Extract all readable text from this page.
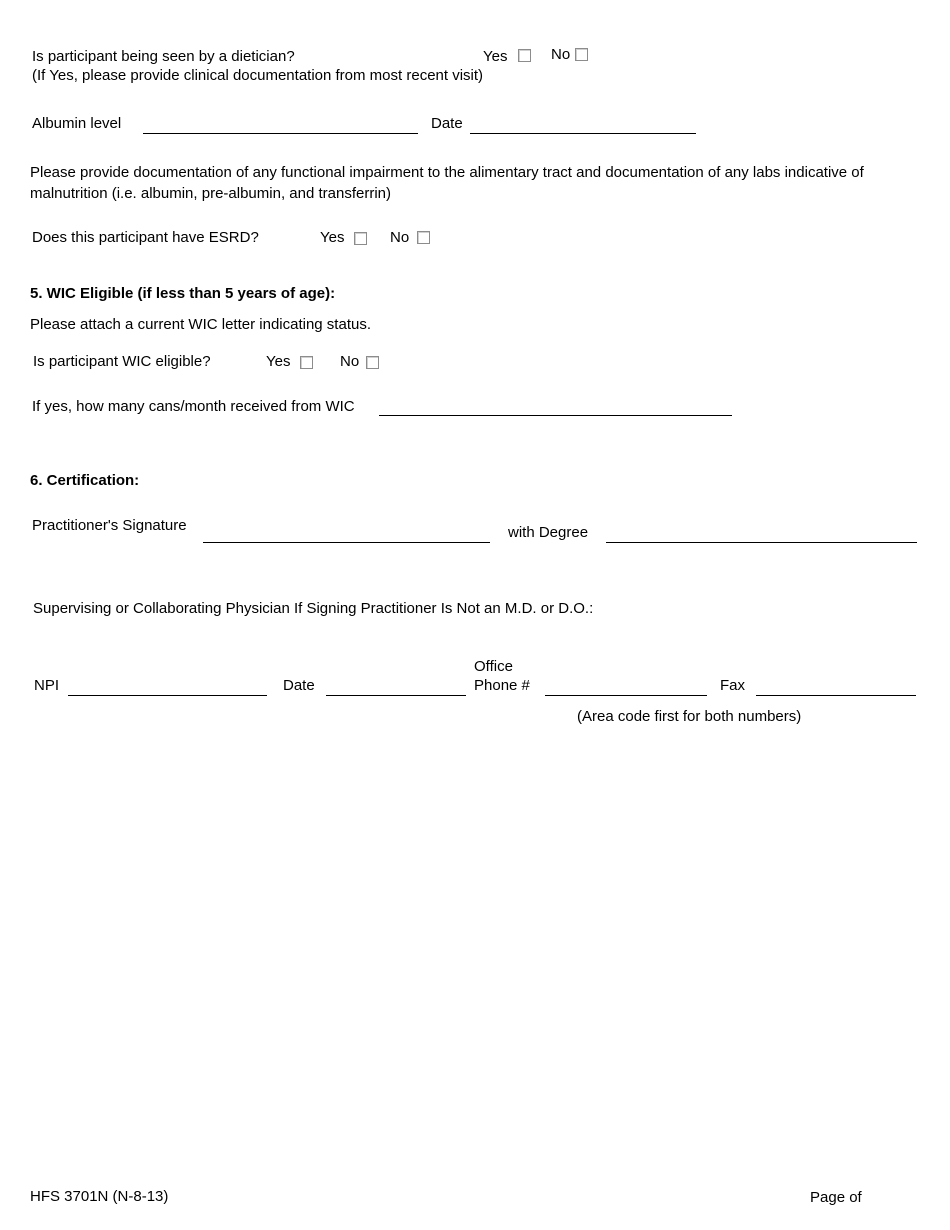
Is participant being seen by a dietician?	Yes	No
(If Yes, please provide clinical documentation from most recent visit)
Albumin level	Date
Please provide documentation of any functional impairment to the alimentary tract and documentation of any labs indicative of malnutrition (i.e. albumin, pre-albumin, and transferrin)
Does this participant have ESRD?	Yes	No
5. WIC Eligible (if less than 5 years of age):
Please attach a current WIC letter indicating status.
Is participant WIC eligible?	Yes	No
If yes, how many cans/month received from WIC
6. Certification:
Practitioner's Signature	with Degree
Supervising or Collaborating Physician If Signing Practitioner Is Not an M.D. or D.O.:
NPI	Date
Office
Phone #	Fax
(Area code first for both numbers)
HFS 3701N (N-8-13)	Page of
